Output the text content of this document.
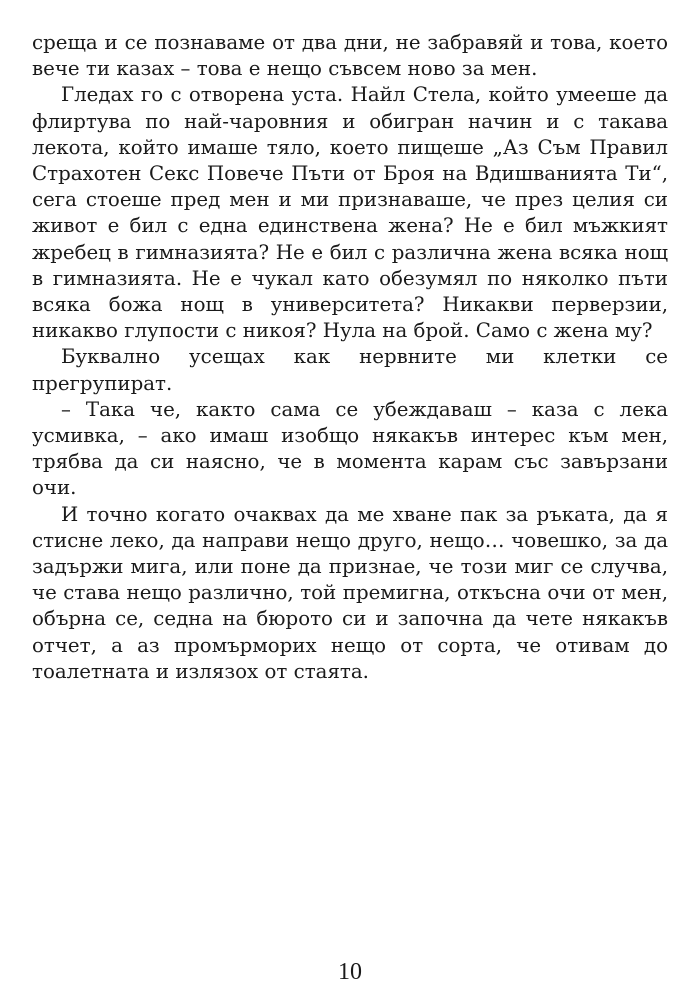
среща и се познаваме от два дни, не забравяй и това, което вече ти казах – това е нещо съвсем ново за мен.

Гледах го с отворена уста. Найл Стела, който умееше да флиртува по най-чаровния и обигран начин и с такава лекота, който имаше тяло, което пищеше „Аз Съм Правил Страхотен Секс Повече Пъти от Броя на Вдишванията Ти“, сега стоеше пред мен и ми признаваше, че през целия си живот е бил с една единствена жена? Не е бил мъжкият жребец в гимназията? Не е бил с различна жена всяка нощ в гимназията. Не е чукал като обезумял по няколко пъти всяка божа нощ в университета? Никакви перверзии, никакво глупости с никоя? Нула на брой. Само с жена му?

Буквално усещах как нервните ми клетки се прегрупират.

– Така че, както сама се убеждаваш – каза с лека усмивка, – ако имаш изобщо някакъв интерес към мен, трябва да си наясно, че в момента карам със завързани очи.

И точно когато очаквах да ме хване пак за ръката, да я стисне леко, да направи нещо друго, нещо… човешко, за да задържи мига, или поне да признае, че този миг се случва, че става нещо различно, той премигна, откъсна очи от мен, обърна се, седна на бюрото си и започна да чете някакъв отчет, а аз промърморих нещо от сорта, че отивам до тоалетната и излязох от стаята.

10
